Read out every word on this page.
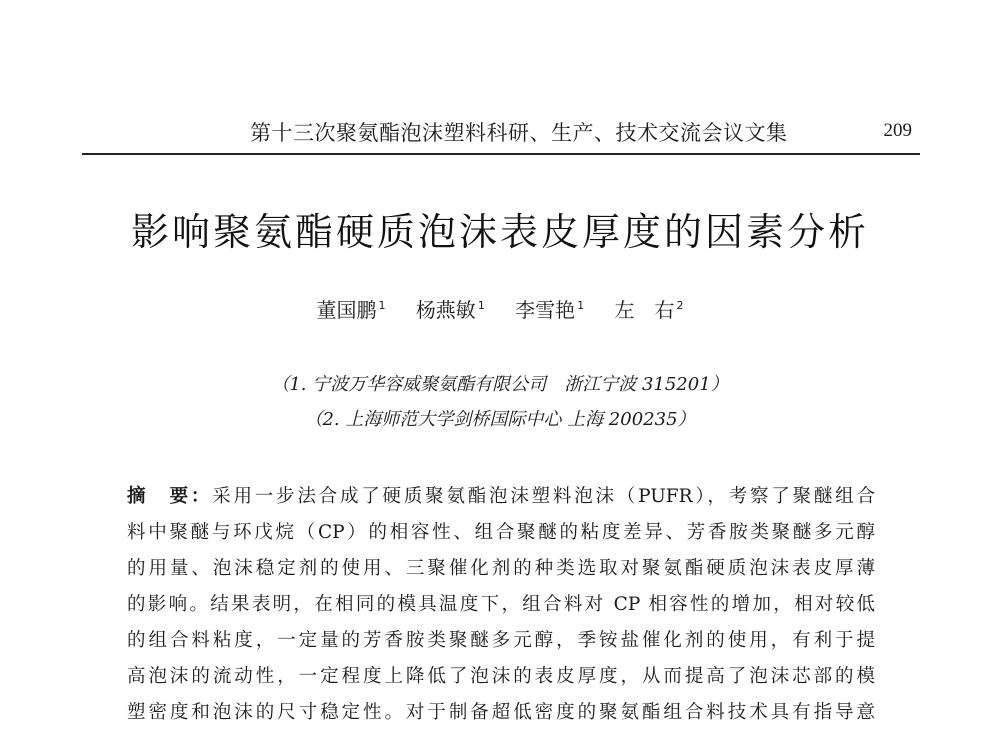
第十三次聚氨酯泡沫塑料科研、生产、技术交流会议文集	209
影响聚氨酯硬质泡沫表皮厚度的因素分析
董国鹏 $^1$ 杨燕敏 $^1$ 李雪艳 $^1$ 左　右 $^2$
（1. 宁波万华容威聚氨酯有限公司　浙江宁波 315201）
（2. 上海师范大学剑桥国际中心 上海 200235）
摘　要：采用一步法合成了硬质聚氨酯泡沫塑料泡沫（PUFR），考察了聚醚组合
料中聚醚与环戊烷（CP）的相容性、组合聚醚的粘度差异、芳香胺类聚醚多元醇
的用量、泡沫稳定剂的使用、三聚催化剂的种类选取对聚氨酯硬质泡沫表皮厚薄
的影响。结果表明，在相同的模具温度下，组合料对 CP 相容性的增加，相对较低
的组合料粘度，一定量的芳香胺类聚醚多元醇，季铵盐催化剂的使用，有利于提
高泡沫的流动性，一定程度上降低了泡沫的表皮厚度，从而提高了泡沫芯部的模
塑密度和泡沫的尺寸稳定性。对于制备超低密度的聚氨酯组合料技术具有指导意
